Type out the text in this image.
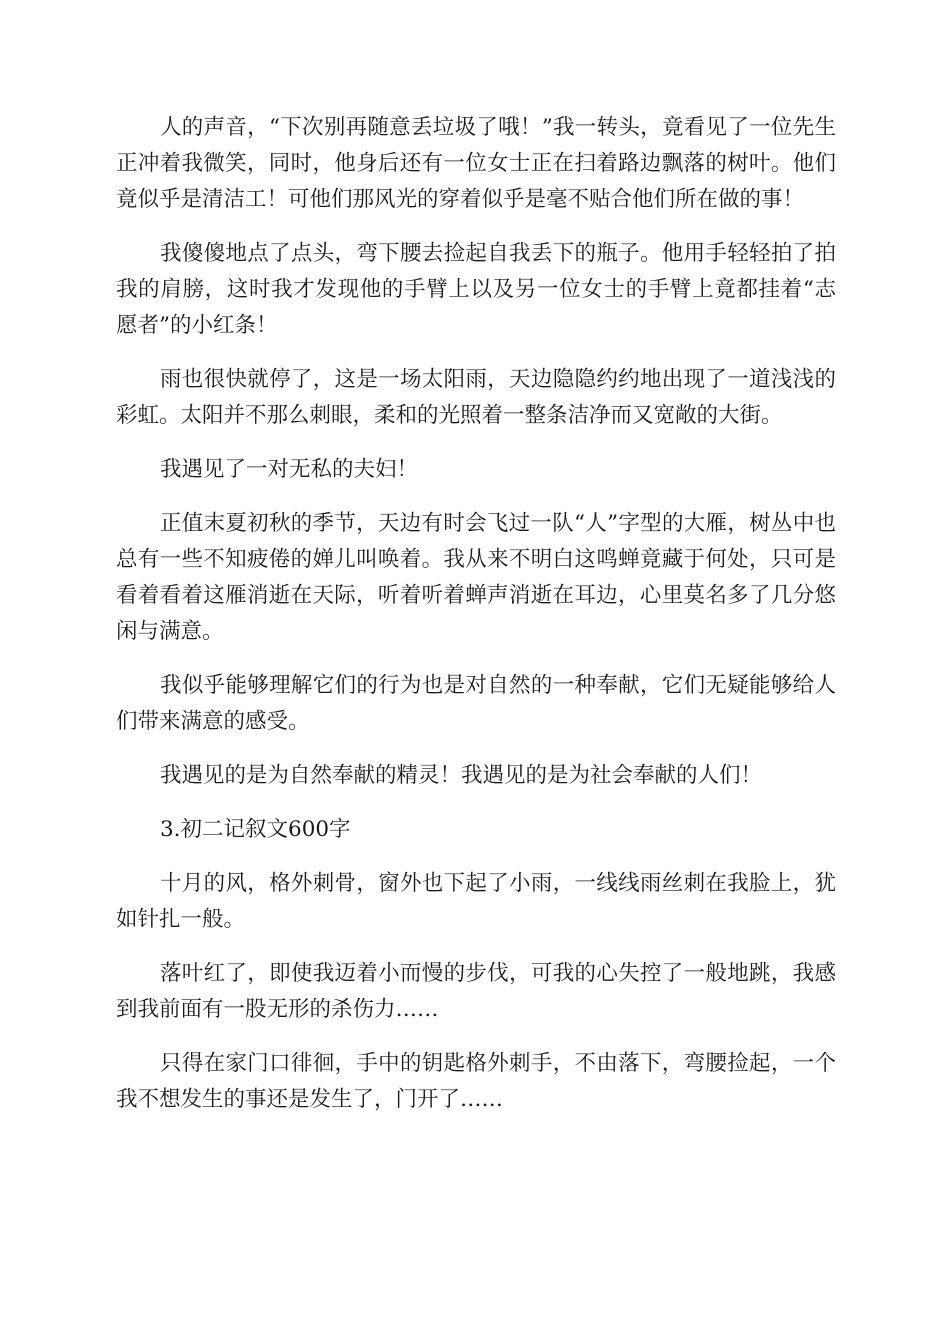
人的声音，“下次别再随意丢垃圾了哦！”我一转头，竟看见了一位先生正冲着我微笑，同时，他身后还有一位女士正在扫着路边飘落的树叶。他们竟似乎是清洁工！可他们那风光的穿着似乎是毫不贴合他们所在做的事！

我傻傻地点了点头，弯下腰去捡起自我丢下的瓶子。他用手轻轻拍了拍我的肩膀，这时我才发现他的手臂上以及另一位女士的手臂上竟都挂着“志愿者”的小红条！

雨也很快就停了，这是一场太阳雨，天边隐隐约约地出现了一道浅浅的彩虹。太阳并不那么刺眼，柔和的光照着一整条洁净而又宽敞的大街。

我遇见了一对无私的夫妇！

正值末夏初秋的季节，天边有时会飞过一队“人”字型的大雁，树丛中也总有一些不知疲倦的婵儿叫唤着。我从来不明白这鸣蝉竟藏于何处，只可是看着看着这雁消逝在天际，听着听着蝉声消逝在耳边，心里莫名多了几分悠闲与满意。

我似乎能够理解它们的行为也是对自然的一种奉献，它们无疑能够给人们带来满意的感受。

我遇见的是为自然奉献的精灵！我遇见的是为社会奉献的人们！

3.初二记叙文600字

十月的风，格外刺骨，窗外也下起了小雨，一线线雨丝刺在我脸上，犹如针扎一般。

落叶红了，即使我迈着小而慢的步伐，可我的心失控了一般地跳，我感到我前面有一股无形的杀伤力……

只得在家门口徘徊，手中的钥匙格外刺手，不由落下，弯腰捡起，一个我不想发生的事还是发生了，门开了……
